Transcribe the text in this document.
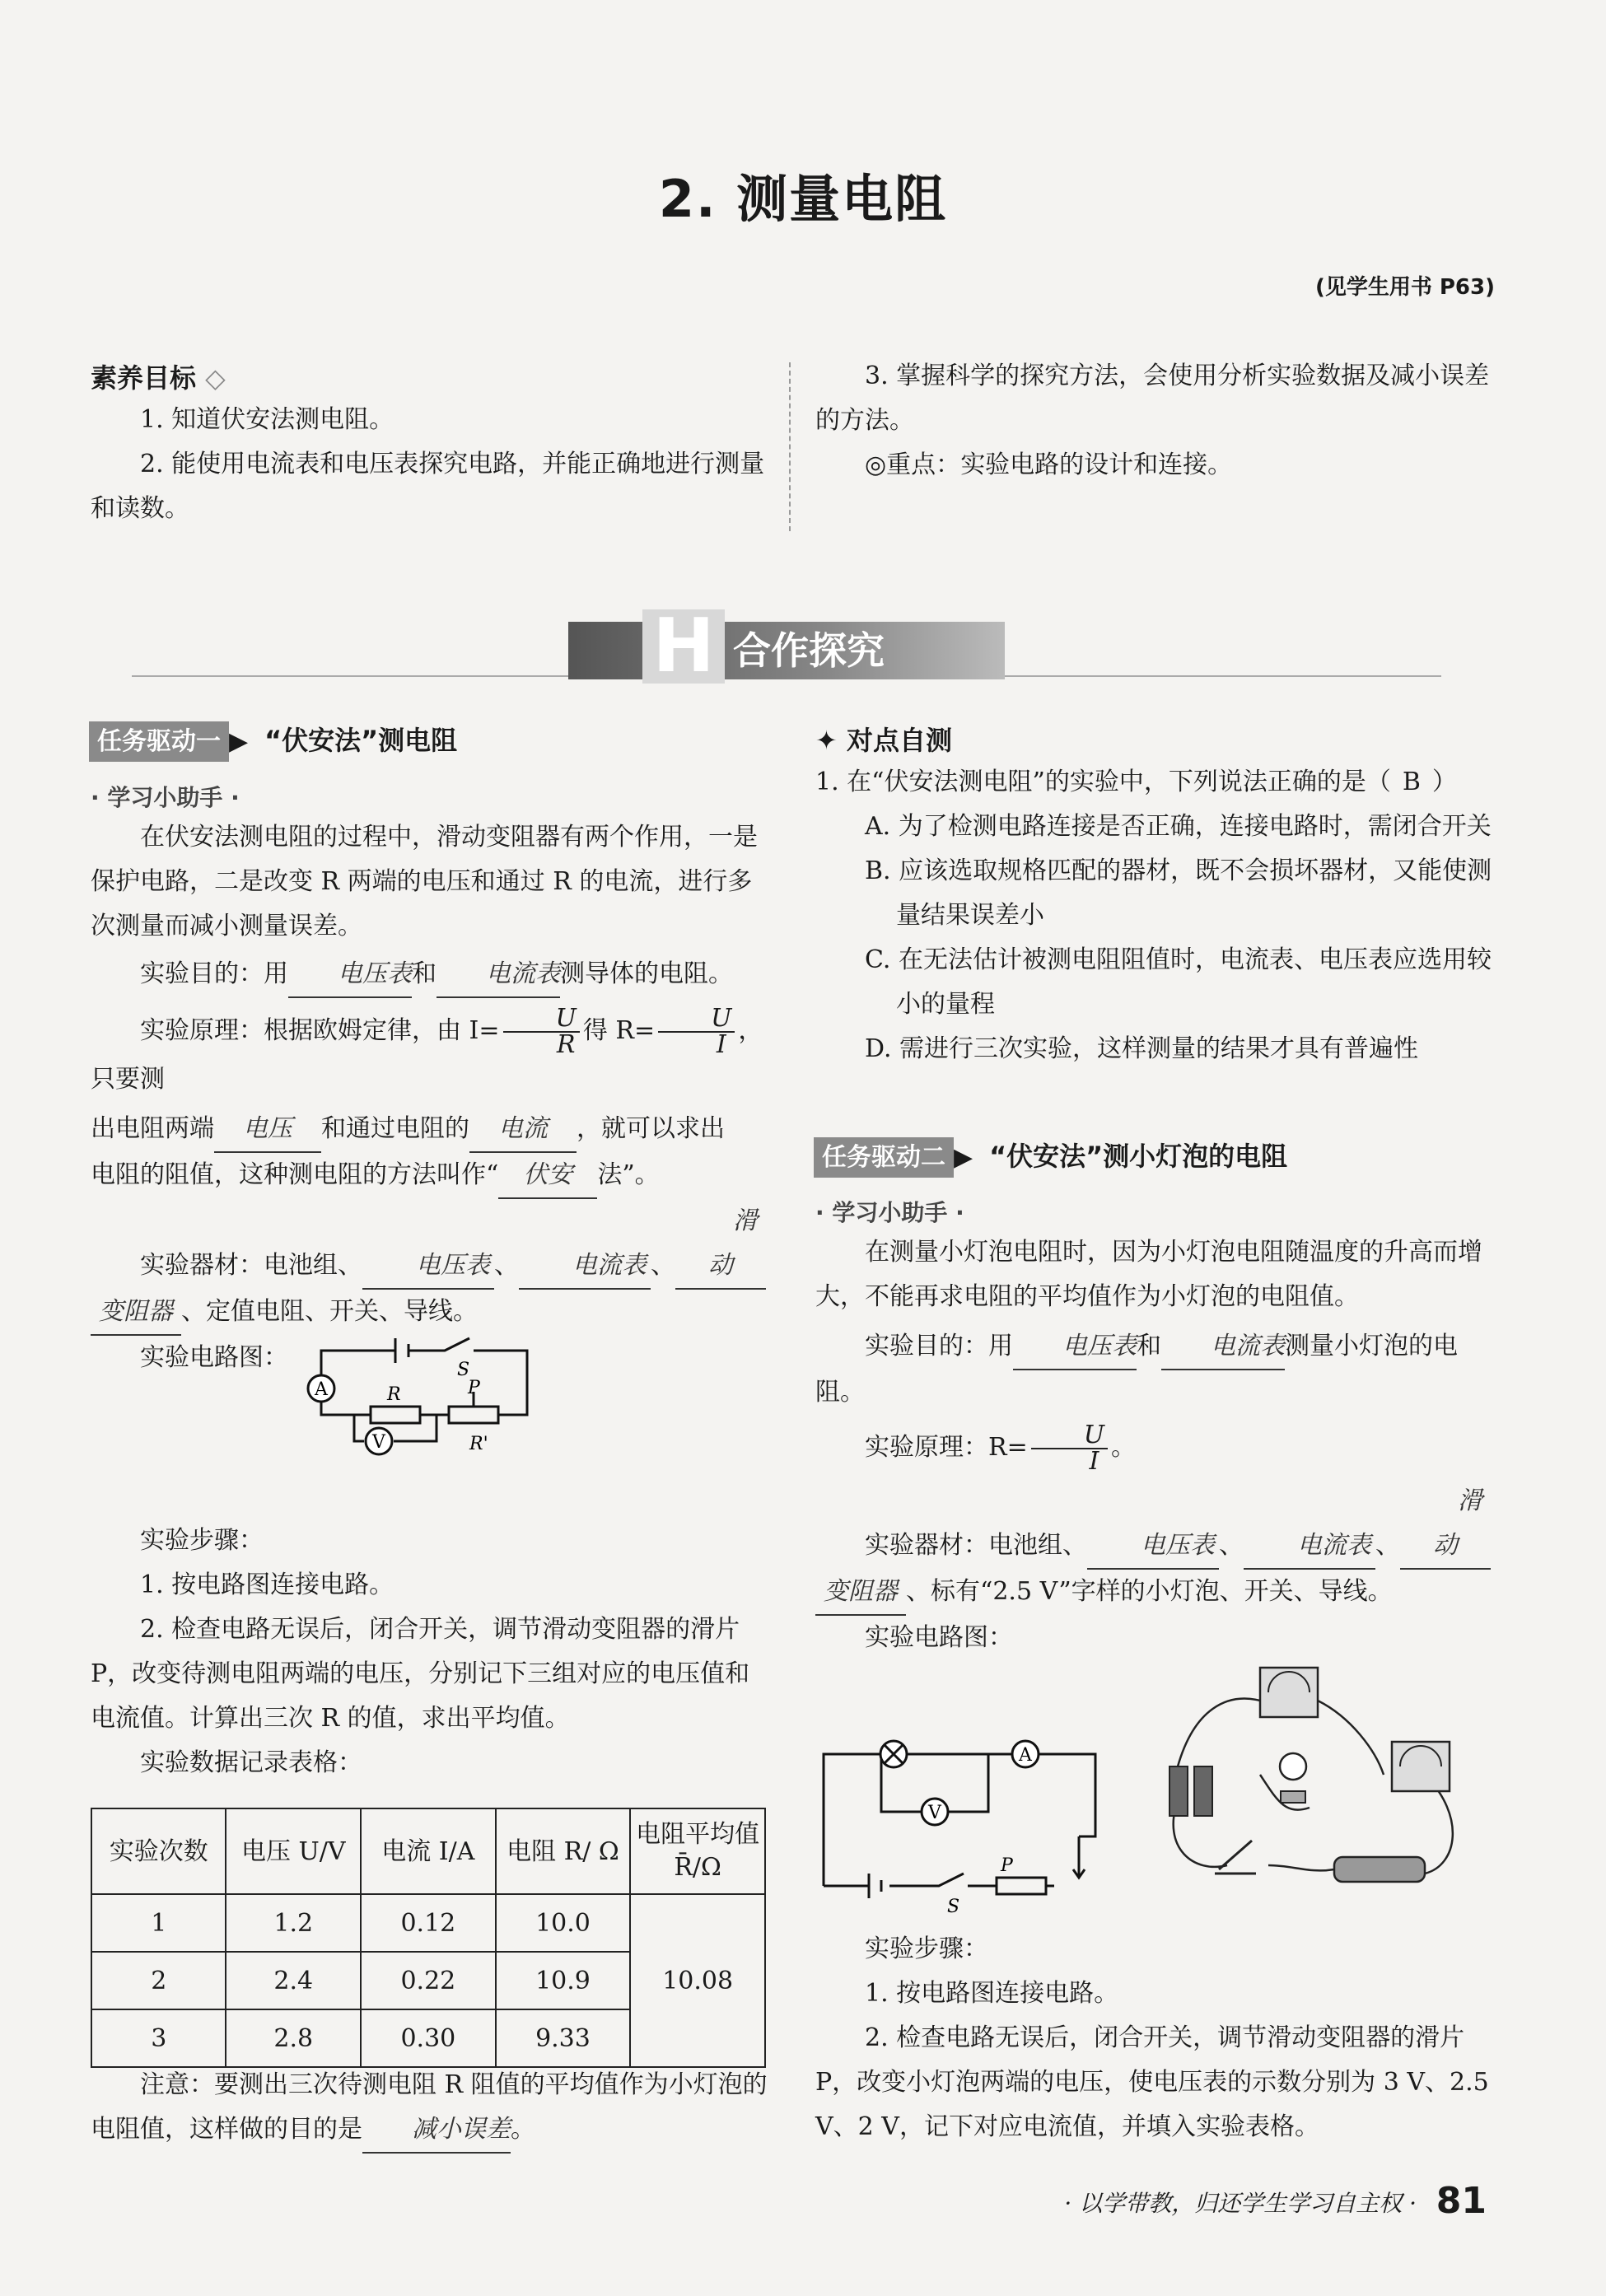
2. 测量电阻
(见学生用书 P63)
素养目标 ◇
1. 知道伏安法测电阻。
2. 能使用电流表和电压表探究电路，并能正确地进行测量和读数。
3. 掌握科学的探究方法，会使用分析实验数据及减小误差的方法。
◎重点：实验电路的设计和连接。
合作探究
H
任务驱动一 ▶ “伏安法”测电阻
· 学习小助手 ·
在伏安法测电阻的过程中，滑动变阻器有两个作用，一是保护电路，二是改变 R 两端的电压和通过 R 的电流，进行多次测量而减小测量误差。
实验目的：用 电压表和 电流表测导体的电阻。
实验原理：根据欧姆定律，由 $I= \frac{U}{R}$ 得 $R= \frac{U}{I}$ ，只要测
出电阻两端 电压 和通过电阻的 电流 ，就可以求出
电阻的阻值，这种测电阻的方法叫作“ 伏安 法”。
实验器材：电池组、 电压表 、 电流表 、滑动
变阻器 、定值电阻、开关、导线。
实验电路图：
A
V
S
R	P
R'
实验步骤：
1. 按电路图连接电路。
2. 检查电路无误后，闭合开关，调节滑动变阻器的滑片 P，改变待测电阻两端的电压，分别记下三组对应的电压值和电流值。计算出三次 R 的值，求出平均值。
实验数据记录表格：
实验次数	电压 U/V	电流 I/A	电阻 R/ Ω	电阻平均值 R̄/Ω
1	1.2	0.12	10.0	10.08
2	2.4	0.22	10.9	
3	2.8	0.30	9.33	
注意：要测出三次待测电阻 R 阻值的平均值作为小灯泡的电阻值，这样做的目的是 减小误差。
✦ 对点自测
1. 在“伏安法测电阻”的实验中，下列说法正确的是（ B ）
A. 为了检测电路连接是否正确，连接电路时，需闭合开关
B. 应该选取规格匹配的器材，既不会损坏器材，又能使测量结果误差小
C. 在无法估计被测电阻阻值时，电流表、电压表应选用较小的量程
D. 需进行三次实验，这样测量的结果才具有普遍性
任务驱动二 ▶ “伏安法”测小灯泡的电阻
· 学习小助手 ·
在测量小灯泡电阻时，因为小灯泡电阻随温度的升高而增大，不能再求电阻的平均值作为小灯泡的电阻值。
实验目的：用 电压表和 电流表测量小灯泡的电阻。
实验原理：$R= \frac{U}{I}$ 。
实验器材：电池组、 电压表 、 电流表 、滑动
变阻器 、标有“2.5 V”字样的小灯泡、开关、导线。
实验电路图：
V
A
S
P
实验步骤：
1. 按电路图连接电路。
2. 检查电路无误后，闭合开关，调节滑动变阻器的滑片 P，改变小灯泡两端的电压，使电压表的示数分别为 3 V、2.5 V、2 V，记下对应电流值，并填入实验表格。
· 以学带教，归还学生学习自主权 · 81
